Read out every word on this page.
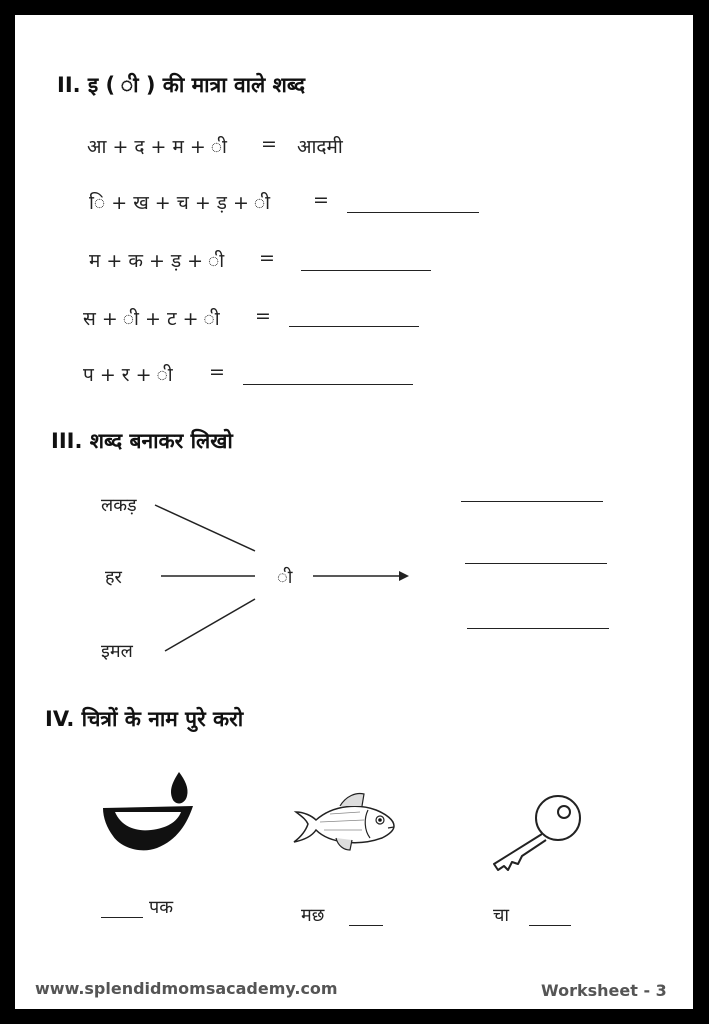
II. इ ( ी ) की मात्रा वाले शब्द
आ + द + म + ी = आदमी
ि + ख + च + ड़ + ी =
म + क + ड़ + ी =
स + ी + ट + ी =
प + र + ी =
III. शब्द बनाकर लिखो
लकड़
हर
इमल
ी
IV. चित्रों के नाम पुरे करो
पक	मछ	चा
www.splendidmomsacademy.com	Worksheet - 3
